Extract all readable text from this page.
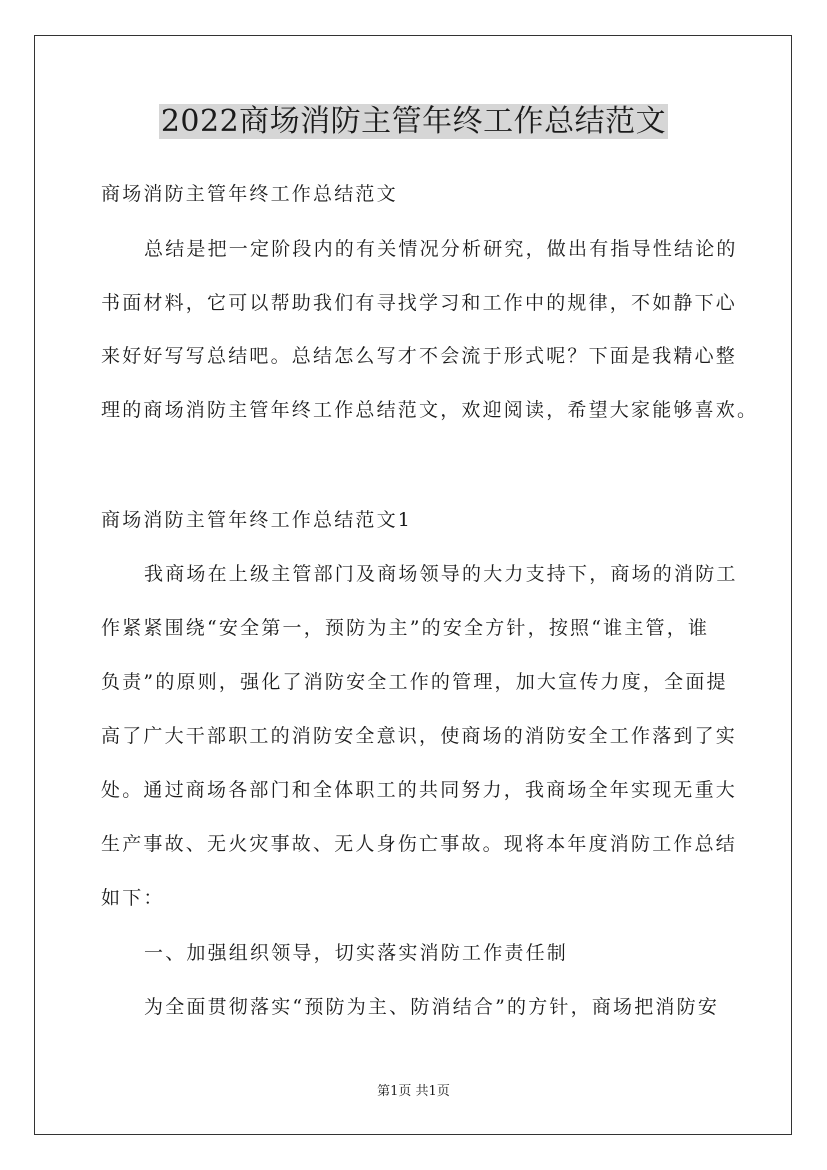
2022商场消防主管年终工作总结范文
商场消防主管年终工作总结范文
总结是把一定阶段内的有关情况分析研究，做出有指导性结论的
书面材料，它可以帮助我们有寻找学习和工作中的规律，不如静下心
来好好写写总结吧。总结怎么写才不会流于形式呢？下面是我精心整
理的商场消防主管年终工作总结范文，欢迎阅读，希望大家能够喜欢。
商场消防主管年终工作总结范文1
我商场在上级主管部门及商场领导的大力支持下，商场的消防工
作紧紧围绕“安全第一，预防为主”的安全方针，按照“谁主管，谁
负责”的原则，强化了消防安全工作的管理，加大宣传力度，全面提
高了广大干部职工的消防安全意识，使商场的消防安全工作落到了实
处。通过商场各部门和全体职工的共同努力，我商场全年实现无重大
生产事故、无火灾事故、无人身伤亡事故。现将本年度消防工作总结
如下：
一、加强组织领导，切实落实消防工作责任制
为全面贯彻落实“预防为主、防消结合”的方针，商场把消防安
第1页 共1页
